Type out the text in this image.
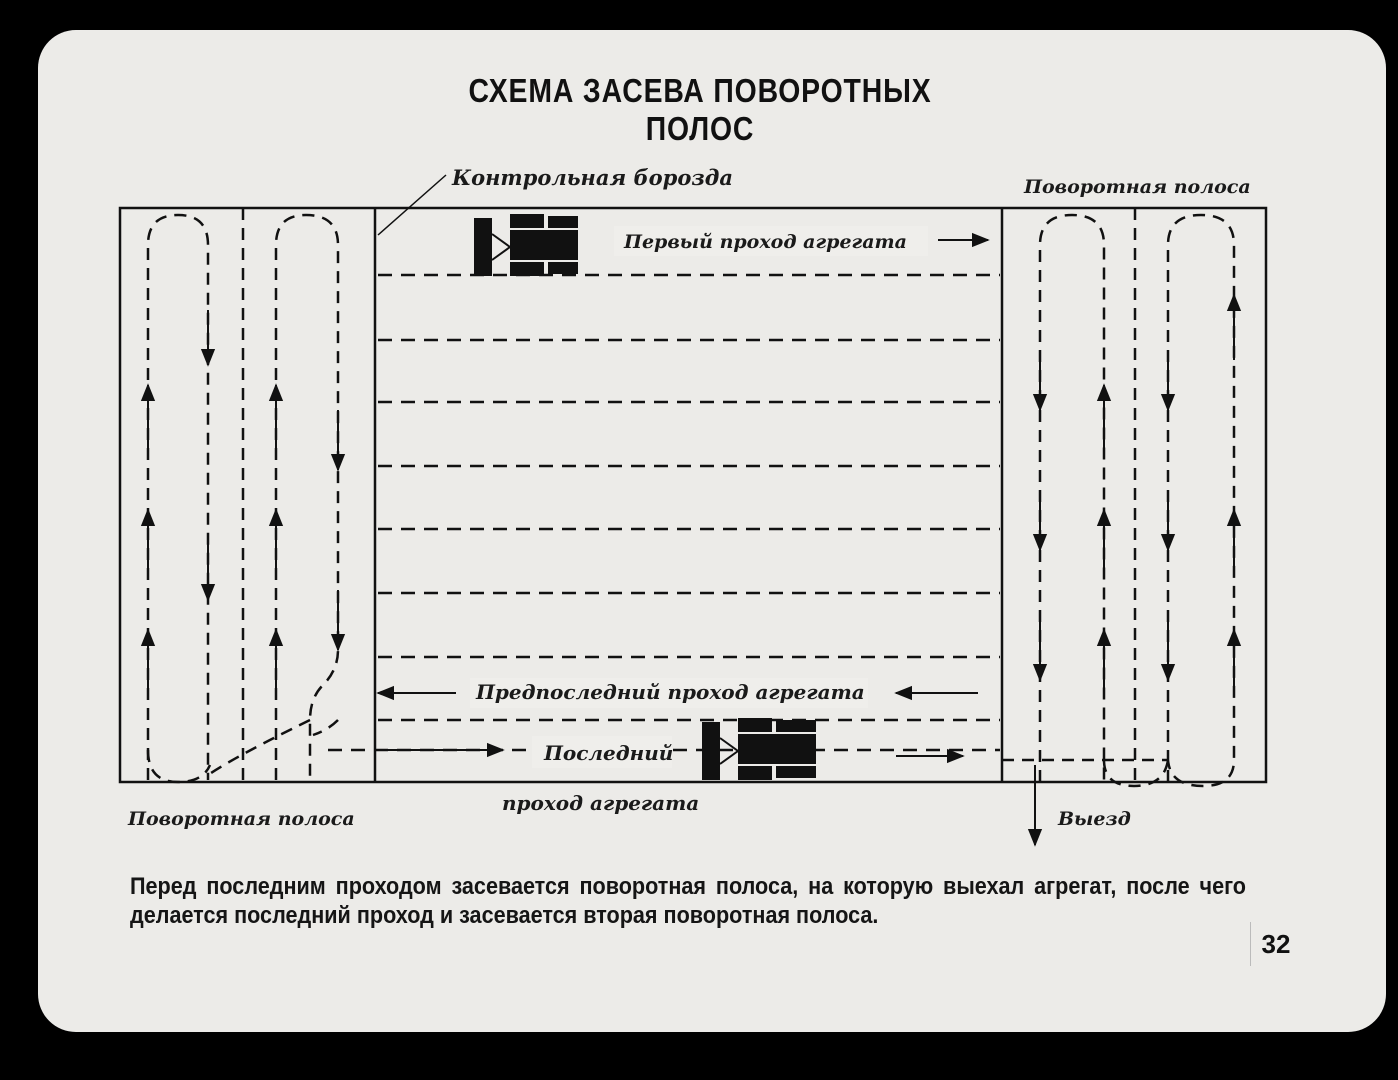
СХЕМА ЗАСЕВА ПОВОРОТНЫХ ПОЛОС
Контрольная борозда	Поворотная полоса
Первый проход агрегата
Предпоследний проход агрегата
Последний
проход агрегата
Поворотная полоса	Выезд
Перед последним проходом засевается поворотная полоса, на которую выехал агрегат, после чего делается последний проход и засевается вторая поворотная полоса.
32
